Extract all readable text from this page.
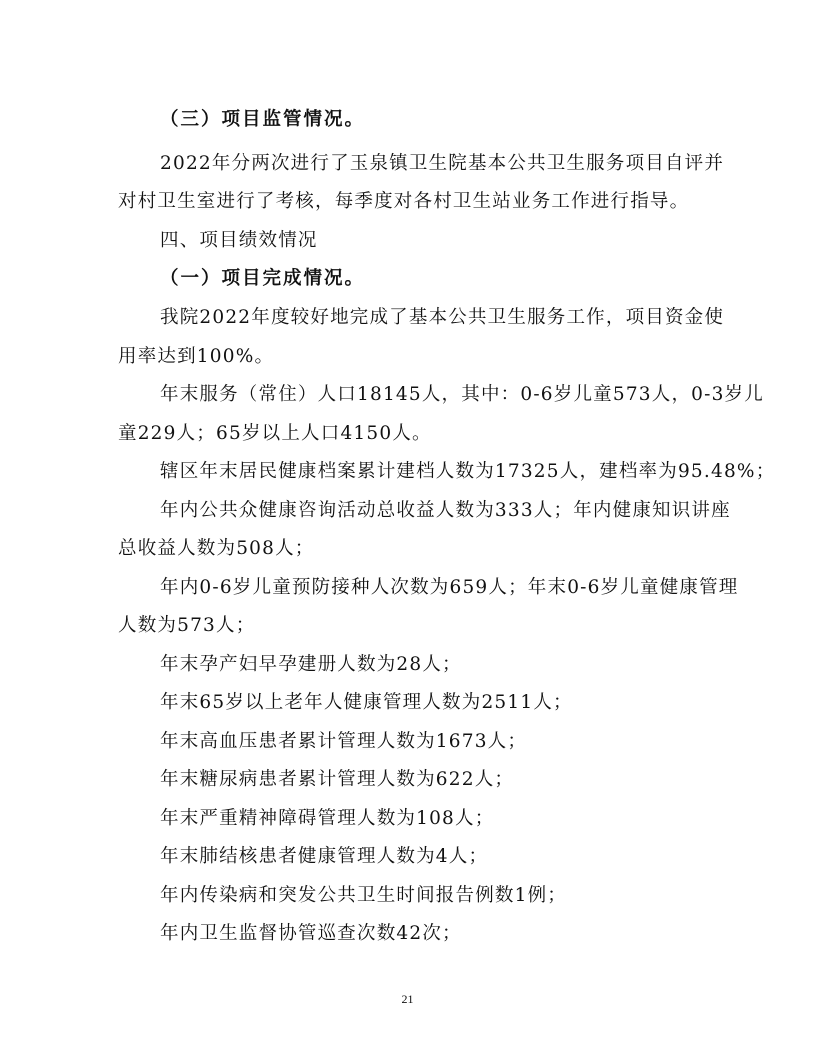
（三）项目监管情况。
2022年分两次进行了玉泉镇卫生院基本公共卫生服务项目自评并
对村卫生室进行了考核，每季度对各村卫生站业务工作进行指导。
四、项目绩效情况
（一）项目完成情况。
我院2022年度较好地完成了基本公共卫生服务工作，项目资金使
用率达到100%。
年末服务（常住）人口18145人，其中：0-6岁儿童573人，0-3岁儿
童229人；65岁以上人口4150人。
辖区年末居民健康档案累计建档人数为17325人，建档率为95.48%；
年内公共众健康咨询活动总收益人数为333人；年内健康知识讲座
总收益人数为508人；
年内0-6岁儿童预防接种人次数为659人；年末0-6岁儿童健康管理
人数为573人；
年末孕产妇早孕建册人数为28人；
年末65岁以上老年人健康管理人数为2511人；
年末高血压患者累计管理人数为1673人；
年末糖尿病患者累计管理人数为622人；
年末严重精神障碍管理人数为108人；
年末肺结核患者健康管理人数为4人；
年内传染病和突发公共卫生时间报告例数1例；
年内卫生监督协管巡查次数42次；
21
